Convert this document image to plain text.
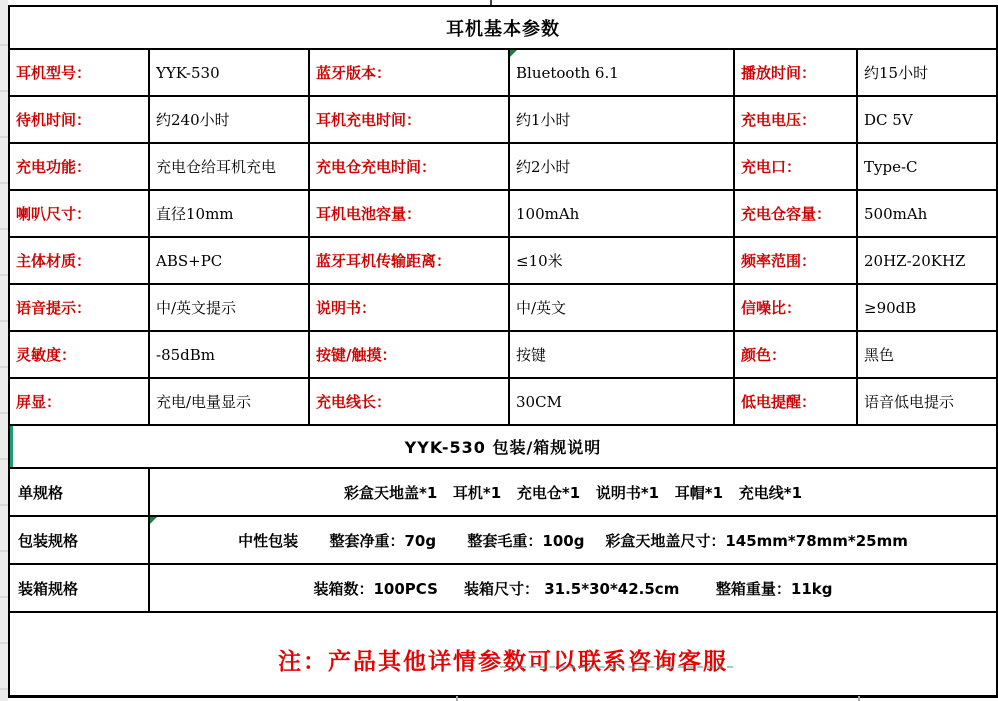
耳机基本参数
耳机型号：	YYK-530	蓝牙版本：	Bluetooth 6.1	播放时间：	约15小时
待机时间：	约240小时	耳机充电时间：	约1小时	充电电压：	DC 5V
充电功能：	充电仓给耳机充电	充电仓充电时间：	约2小时	充电口：	Type-C
喇叭尺寸：	直径10mm	耳机电池容量：	100mAh	充电仓容量：	500mAh
主体材质：	ABS+PC	蓝牙耳机传输距离：	≤10米	频率范围：	20HZ-20KHZ
语音提示：	中/英文提示	说明书：	中/英文	信噪比：	≥90dB
灵敏度：	-85dBm	按键/触摸：	按键	颜色：	黑色
屏显：	充电/电量显示	充电线长：	30CM	低电提醒：	语音低电提示
YYK-530 包装/箱规说明
单规格	彩盒天地盖*1   耳机*1   充电仓*1   说明书*1   耳帽*1   充电线*1
包装规格	中性包装      整套净重：70g      整套毛重：100g    彩盒天地盖尺寸：145mm*78mm*25mm
装箱规格	装箱数：100PCS     装箱尺寸： 31.5*30*42.5cm       整箱重量：11kg
注：产品其他详情参数可以联系咨询客服
